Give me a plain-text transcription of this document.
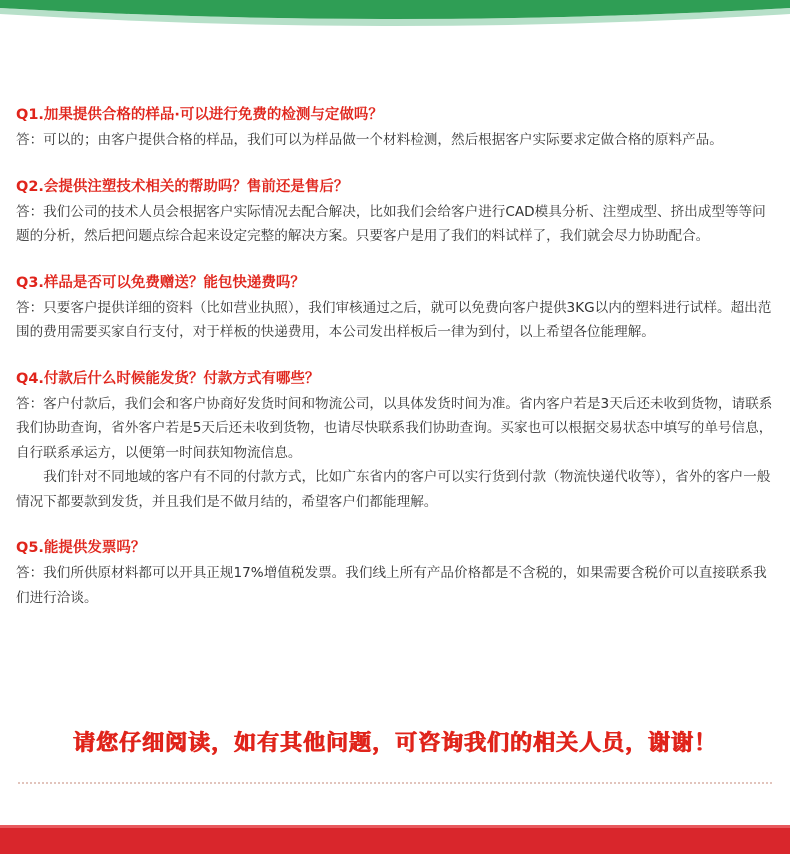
Q1.加果提供合格的样品·可以进行免费的检测与定做吗？

答：可以的；由客户提供合格的样品，我们可以为样品做一个材料检测，然后根据客户实际要求定做合格的原料产品。

Q2.会提供注塑技术相关的帮助吗？售前还是售后？

答：我们公司的技术人员会根据客户实际情况去配合解决，比如我们会给客户进行CAD模具分析、注塑成型、挤出成型等等问题的分析，然后把问题点综合起来设定完整的解决方案。只要客户是用了我们的料试样了，我们就会尽力协助配合。

Q3.样品是否可以免费赠送？能包快递费吗？

答：只要客户提供详细的资料（比如营业执照），我们审核通过之后，就可以免费向客户提供3KG以内的塑料进行试样。超出范围的费用需要买家自行支付，对于样板的快递费用，本公司发出样板后一律为到付，以上希望各位能理解。

Q4.付款后什么时候能发货？付款方式有哪些？

答：客户付款后，我们会和客户协商好发货时间和物流公司，以具体发货时间为准。省内客户若是3天后还未收到货物，请联系我们协助查询，省外客户若是5天后还未收到货物，也请尽快联系我们协助查询。买家也可以根据交易状态中填写的单号信息，自行联系承运方，以便第一时间获知物流信息。

我们针对不同地域的客户有不同的付款方式，比如广东省内的客户可以实行货到付款（物流快递代收等），省外的客户一般情况下都要款到发货，并且我们是不做月结的，希望客户们都能理解。

Q5.能提供发票吗？

答：我们所供原材料都可以开具正规17%增值税发票。我们线上所有产品价格都是不含税的，如果需要含税价可以直接联系我们进行洽谈。

请您仔细阅读，如有其他问题，可咨询我们的相关人员，谢谢！
